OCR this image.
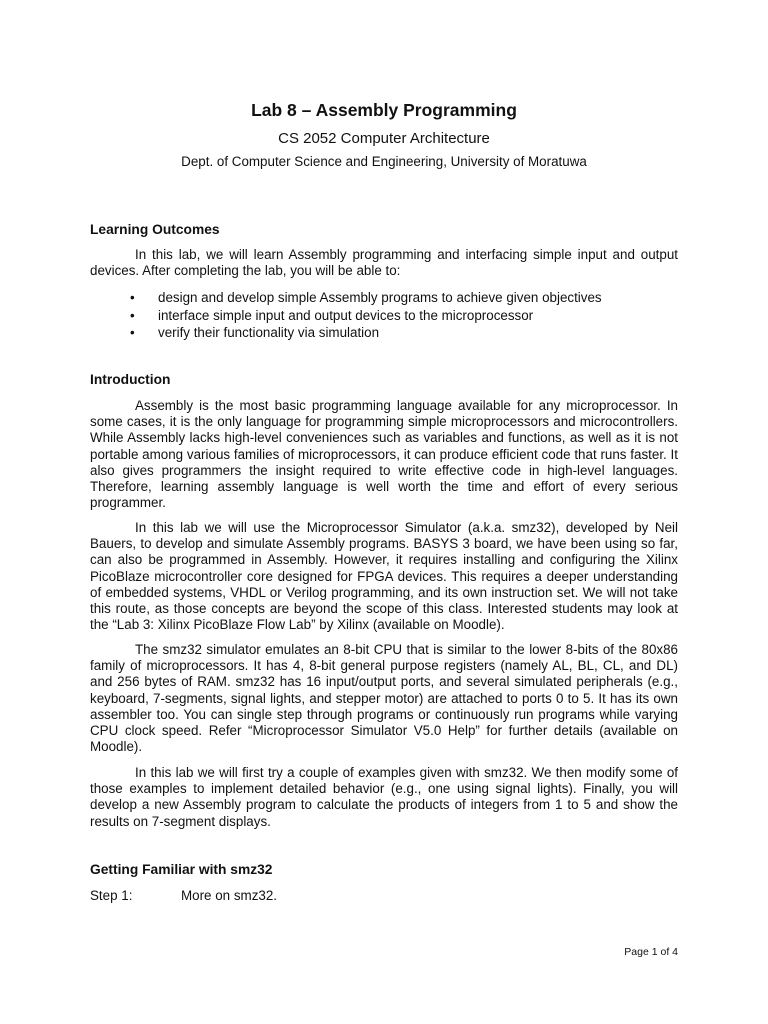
Lab 8 – Assembly Programming
CS 2052 Computer Architecture
Dept. of Computer Science and Engineering, University of Moratuwa
Learning Outcomes
In this lab, we will learn Assembly programming and interfacing simple input and output devices. After completing the lab, you will be able to:
• design and develop simple Assembly programs to achieve given objectives
• interface simple input and output devices to the microprocessor
• verify their functionality via simulation
Introduction
Assembly is the most basic programming language available for any microprocessor. In some cases, it is the only language for programming simple microprocessors and microcontrollers. While Assembly lacks high-level conveniences such as variables and functions, as well as it is not portable among various families of microprocessors, it can produce efficient code that runs faster. It also gives programmers the insight required to write effective code in high-level languages. Therefore, learning assembly language is well worth the time and effort of every serious programmer.
In this lab we will use the Microprocessor Simulator (a.k.a. smz32), developed by Neil Bauers, to develop and simulate Assembly programs. BASYS 3 board, we have been using so far, can also be programmed in Assembly. However, it requires installing and configuring the Xilinx PicoBlaze microcontroller core designed for FPGA devices. This requires a deeper understanding of embedded systems, VHDL or Verilog programming, and its own instruction set. We will not take this route, as those concepts are beyond the scope of this class. Interested students may look at the “Lab 3: Xilinx PicoBlaze Flow Lab” by Xilinx (available on Moodle).
The smz32 simulator emulates an 8-bit CPU that is similar to the lower 8-bits of the 80x86 family of microprocessors. It has 4, 8-bit general purpose registers (namely AL, BL, CL, and DL) and 256 bytes of RAM. smz32 has 16 input/output ports, and several simulated peripherals (e.g., keyboard, 7-segments, signal lights, and stepper motor) are attached to ports 0 to 5. It has its own assembler too. You can single step through programs or continuously run programs while varying CPU clock speed. Refer “Microprocessor Simulator V5.0 Help” for further details (available on Moodle).
In this lab we will first try a couple of examples given with smz32. We then modify some of those examples to implement detailed behavior (e.g., one using signal lights). Finally, you will develop a new Assembly program to calculate the products of integers from 1 to 5 and show the results on 7-segment displays.
Getting Familiar with smz32
Step 1:	More on smz32.
Page 1 of 4
